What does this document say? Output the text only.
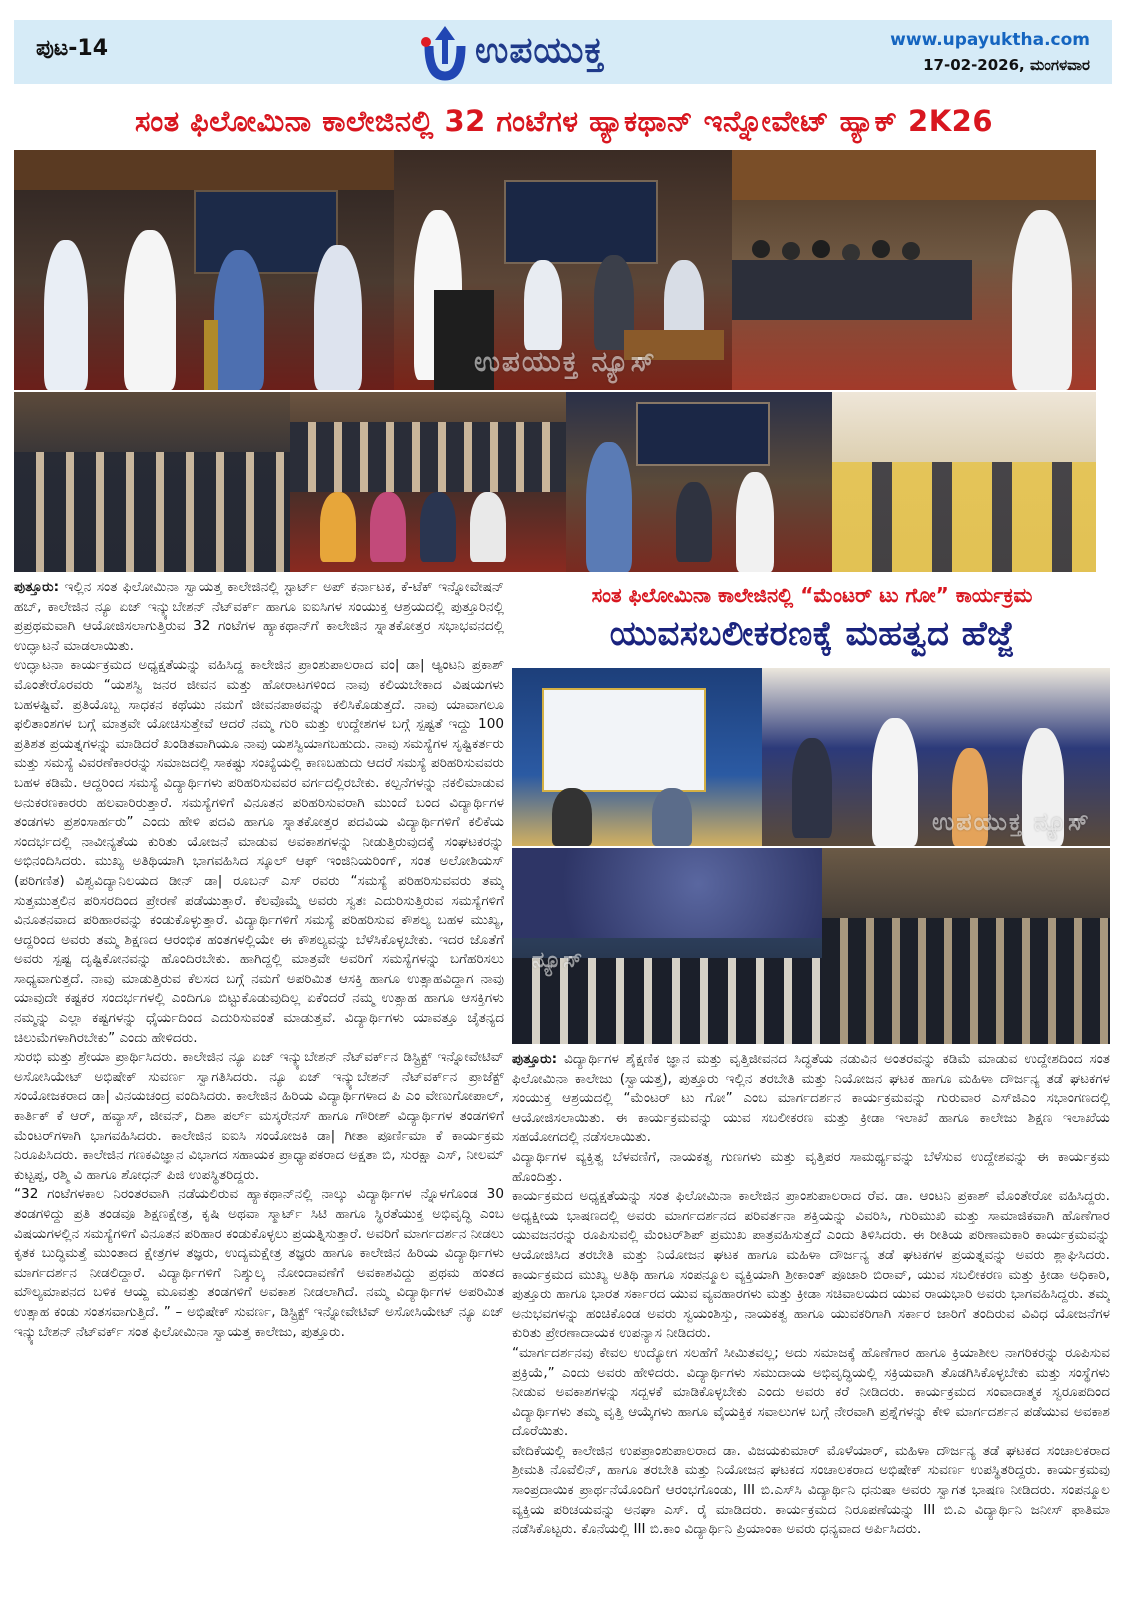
ಪುಟ-14	ಉಪಯುಕ್ತ	www.upayuktha.com
17-02-2026, ಮಂಗಳವಾರ
ಸಂತ ಫಿಲೋಮಿನಾ ಕಾಲೇಜಿನಲ್ಲಿ 32 ಗಂಟೆಗಳ ಹ್ಯಾಕಥಾನ್ ಇನ್ನೋವೇಟ್ ಹ್ಯಾಕ್ 2K26
ಉಪಯುಕ್ತ ನ್ಯೂಸ್

ಪುತ್ತೂರು: ಇಲ್ಲಿನ ಸಂತ ಫಿಲೋಮಿನಾ ಸ್ವಾಯತ್ತ ಕಾಲೇಜಿನಲ್ಲಿ ಸ್ಟಾರ್ಟ್ ಅಪ್ ಕರ್ನಾಟಕ, ಕೆ-ಟೆಕ್ ಇನ್ನೋವೇಷನ್ ಹಬ್, ಕಾಲೇಜಿನ ನ್ಯೂ ಏಜ್ ಇನ್ಕ್ಯುಬೇಶನ್ ನೆಟ್‌ವರ್ಕ್ ಹಾಗೂ ಐಐಸಿಗಳ ಸಂಯುಕ್ತ ಆಶ್ರಯದಲ್ಲಿ ಪುತ್ತೂರಿನಲ್ಲಿ ಪ್ರಪ್ರಥಮವಾಗಿ ಆಯೋಜಿಸಲಾಗುತ್ತಿರುವ 32 ಗಂಟೆಗಳ ಹ್ಯಾಕಥಾನ್‌ಗೆ ಕಾಲೇಜಿನ ಸ್ನಾತಕೋತ್ತರ ಸಭಾಭವನದಲ್ಲಿ ಉದ್ಘಾಟನೆ ಮಾಡಲಾಯಿತು.

ಉದ್ಘಾಟನಾ ಕಾರ್ಯಕ್ರಮದ ಅಧ್ಯಕ್ಷತೆಯನ್ನು ವಹಿಸಿದ್ದ ಕಾಲೇಜಿನ ಪ್ರಾಂಶುಪಾಲರಾದ ವಂ| ಡಾ| ಆ್ಯಂಟನಿ ಪ್ರಕಾಶ್ ಮೊಂತೇರೊರವರು “ಯಶಸ್ವಿ ಜನರ ಜೀವನ ಮತ್ತು ಹೋರಾಟಗಳಿಂದ ನಾವು ಕಲಿಯಬೇಕಾದ ವಿಷಯಗಳು ಬಹಳಷ್ಟಿವೆ. ಪ್ರತಿಯೊಬ್ಬ ಸಾಧಕನ ಕಥೆಯು ನಮಗೆ ಜೀವನಪಾಠವನ್ನು ಕಲಿಸಿಕೊಡುತ್ತದೆ. ನಾವು ಯಾವಾಗಲೂ ಫಲಿತಾಂಶಗಳ ಬಗ್ಗೆ ಮಾತ್ರವೇ ಯೋಚಿಸುತ್ತೇವೆ ಆದರೆ ನಮ್ಮ ಗುರಿ ಮತ್ತು ಉದ್ದೇಶಗಳ ಬಗ್ಗೆ ಸ್ಪಷ್ಟತೆ ಇದ್ದು 100 ಪ್ರತಿಶತ ಪ್ರಯತ್ನಗಳನ್ನು ಮಾಡಿದರೆ ಖಂಡಿತವಾಗಿಯೂ ನಾವು ಯಶಸ್ವಿಯಾಗಬಹುದು. ನಾವು ಸಮಸ್ಯೆಗಳ ಸೃಷ್ಟಿಕರ್ತರು ಮತ್ತು ಸಮಸ್ಯೆ ವಿವರಣೆಕಾರರನ್ನು ಸಮಾಜದಲ್ಲಿ ಸಾಕಷ್ಟು ಸಂಖ್ಯೆಯಲ್ಲಿ ಕಾಣಬಹುದು ಆದರೆ ಸಮಸ್ಯೆ ಪರಿಹರಿಸುವವರು ಬಹಳ ಕಡಿಮೆ. ಆದ್ದರಿಂದ ಸಮಸ್ಯೆ ವಿದ್ಯಾರ್ಥಿಗಳು ಪರಿಹರಿಸುವವರ ವರ್ಗದಲ್ಲಿರಬೇಕು. ಕಲ್ಪನೆಗಳನ್ನು ನಕಲಿಮಾಡುವ ಅನುಕರಣಕಾರರು ಹಲವಾರಿರುತ್ತಾರೆ. ಸಮಸ್ಯೆಗಳಿಗೆ ವಿನೂತನ ಪರಿಹರಿಸುವರಾಗಿ ಮುಂದೆ ಬಂದ ವಿದ್ಯಾರ್ಥಿಗಳ ತಂಡಗಳು ಪ್ರಶಂಸಾರ್ಹರು” ಎಂದು ಹೇಳಿ ಪದವಿ ಹಾಗೂ ಸ್ನಾತಕೋತ್ತರ ಪದವಿಯ ವಿದ್ಯಾರ್ಥಿಗಳಿಗೆ ಕಲಿಕೆಯ ಸಂದರ್ಭದಲ್ಲಿ ನಾವೀನ್ಯತೆಯ ಕುರಿತು ಯೋಜನೆ ಮಾಡುವ ಅವಕಾಶಗಳನ್ನು ನೀಡುತ್ತಿರುವುದಕ್ಕೆ ಸಂಘಟಕರನ್ನು ಅಭಿನಂದಿಸಿದರು. ಮುಖ್ಯ ಅತಿಥಿಯಾಗಿ ಭಾಗವಹಿಸಿದ ಸ್ಕೂಲ್ ಆಫ್ ಇಂಜಿನಿಯರಿಂಗ್, ಸಂತ ಅಲೋಶಿಯಸ್ (ಪರಿಗಣಿತ) ವಿಶ್ವವಿದ್ಯಾನಿಲಯದ ಡೀನ್ ಡಾ| ರೂಬನ್ ಎಸ್ ರವರು “ಸಮಸ್ಯೆ ಪರಿಹರಿಸುವವರು ತಮ್ಮ ಸುತ್ತಮುತ್ತಲಿನ ಪರಿಸರದಿಂದ ಪ್ರೇರಣೆ ಪಡೆಯುತ್ತಾರೆ. ಕೆಲವೊಮ್ಮೆ ಅವರು ಸ್ವತಃ ಎದುರಿಸುತ್ತಿರುವ ಸಮಸ್ಯೆಗಳಿಗೆ ವಿನೂತನವಾದ ಪರಿಹಾರವನ್ನು ಕಂಡುಕೊಳ್ಳುತ್ತಾರೆ. ವಿದ್ಯಾರ್ಥಿಗಳಿಗೆ ಸಮಸ್ಯೆ ಪರಿಹರಿಸುವ ಕೌಶಲ್ಯ ಬಹಳ ಮುಖ್ಯ, ಆದ್ದರಿಂದ ಅವರು ತಮ್ಮ ಶಿಕ್ಷಣದ ಆರಂಭಿಕ ಹಂತಗಳಲ್ಲಿಯೇ ಈ ಕೌಶಲ್ಯವನ್ನು ಬೆಳೆಸಿಕೊಳ್ಳಬೇಕು. ಇದರ ಜೊತೆಗೆ ಅವರು ಸ್ಪಷ್ಟ ದೃಷ್ಟಿಕೋನವನ್ನು ಹೊಂದಿರಬೇಕು. ಹಾಗಿದ್ದಲ್ಲಿ ಮಾತ್ರವೇ ಅವರಿಗೆ ಸಮಸ್ಯೆಗಳನ್ನು ಬಗೆಹರಿಸಲು ಸಾಧ್ಯವಾಗುತ್ತದೆ. ನಾವು ಮಾಡುತ್ತಿರುವ ಕೆಲಸದ ಬಗ್ಗೆ ನಮಗೆ ಅಪರಿಮಿತ ಆಸಕ್ತಿ ಹಾಗೂ ಉತ್ಸಾಹವಿದ್ದಾಗ ನಾವು ಯಾವುದೇ ಕಷ್ಟಕರ ಸಂದರ್ಭಗಳಲ್ಲಿ ಎಂದಿಗೂ ಬಿಟ್ಟುಕೊಡುವುದಿಲ್ಲ ಏಕೆಂದರೆ ನಮ್ಮ ಉತ್ಸಾಹ ಹಾಗೂ ಆಸಕ್ತಿಗಳು ನಮ್ಮನ್ನು ಎಲ್ಲಾ ಕಷ್ಟಗಳನ್ನು ಧೈರ್ಯದಿಂದ ಎದುರಿಸುವಂತೆ ಮಾಡುತ್ತವೆ. ವಿದ್ಯಾರ್ಥಿಗಳು ಯಾವತ್ತೂ ಚೈತನ್ಯದ ಚಿಲುಮೆಗಳಾಗಿರಬೇಕು” ಎಂದು ಹೇಳಿದರು.

ಸುರಭಿ ಮತ್ತು ಶ್ರೇಯಾ ಪ್ರಾರ್ಥಿಸಿದರು. ಕಾಲೇಜಿನ ನ್ಯೂ ಏಜ್ ಇನ್ಕ್ಯುಬೇಶನ್ ನೆಟ್‌ವರ್ಕ್‌ನ ಡಿಸ್ಟ್ರಿಕ್ಟ್ ಇನ್ನೋವೇಟಿವ್ ಅಸೋಸಿಯೇಟ್ ಅಭಿಷೇಕ್ ಸುವರ್ಣ ಸ್ವಾಗತಿಸಿದರು. ನ್ಯೂ ಏಜ್ ಇನ್ಕ್ಯುಬೇಶನ್ ನೆಟ್‌ವರ್ಕ್‌ನ ಪ್ರಾಜೆಕ್ಟ್ ಸಂಯೋಜಕರಾದ ಡಾ| ವಿನಯಚಂದ್ರ ವಂದಿಸಿದರು. ಕಾಲೇಜಿನ ಹಿರಿಯ ವಿದ್ಯಾರ್ಥಿಗಳಾದ ಪಿ ಎಂ ವೇಣುಗೋಪಾಲ್, ಕಾರ್ತಿಕ್ ಕೆ ಆರ್, ಹವ್ಯಾಸ್, ಜೀವನ್, ದಿಶಾ ಪರ್ಲ್ ಮಸ್ಕರೇನಸ್ ಹಾಗೂ ಗೌರೀಶ್ ವಿದ್ಯಾರ್ಥಿಗಳ ತಂಡಗಳಿಗೆ ಮೆಂಟರ್‌ಗಳಾಗಿ ಭಾಗವಹಿಸಿದರು. ಕಾಲೇಜಿನ ಐಐಸಿ ಸಂಯೋಜಕಿ ಡಾ| ಗೀತಾ ಪೂರ್ಣಿಮಾ ಕೆ ಕಾರ್ಯಕ್ರಮ ನಿರೂಪಿಸಿದರು. ಕಾಲೇಜಿನ ಗಣಕವಿಜ್ಞಾನ ವಿಭಾಗದ ಸಹಾಯಕ ಪ್ರಾಧ್ಯಾಪಕರಾದ ಅಕ್ಷತಾ ಬಿ, ಸುರಕ್ಷಾ ಎಸ್, ನೀಲಮ್ ಕುಟ್ಟಪ್ಪ, ರಶ್ಮಿ ವಿ ಹಾಗೂ ಶೋಧನ್ ಪಿಜಿ ಉಪಸ್ಥಿತರಿದ್ದರು.

“32 ಗಂಟೆಗಳಕಾಲ ನಿರಂತರವಾಗಿ ನಡೆಯಲಿರುವ ಹ್ಯಾಕಥಾನ್‌ನಲ್ಲಿ ನಾಲ್ಕು ವಿದ್ಯಾರ್ಥಿಗಳ ನ್ನೊಳಗೊಂಡ 30 ತಂಡಗಳಿದ್ದು ಪ್ರತಿ ತಂಡವೂ ಶಿಕ್ಷಣಕ್ಷೇತ್ರ, ಕೃಷಿ ಅಥವಾ ಸ್ಮಾರ್ಟ್ ಸಿಟಿ ಹಾಗೂ ಸ್ಥಿರತೆಯುಕ್ತ ಅಭಿವೃದ್ಧಿ ಎಂಬ ವಿಷಯಗಳಲ್ಲಿನ ಸಮಸ್ಯೆಗಳಿಗೆ ವಿನೂತನ ಪರಿಹಾರ ಕಂಡುಕೊಳ್ಳಲು ಪ್ರಯತ್ನಿಸುತ್ತಾರೆ. ಅವರಿಗೆ ಮಾರ್ಗದರ್ಶನ ನೀಡಲು ಕೃತಕ ಬುದ್ಧಿಮತ್ತೆ ಮುಂತಾದ ಕ್ಷೇತ್ರಗಳ ತಜ್ಞರು, ಉದ್ಯಮಕ್ಷೇತ್ರ ತಜ್ಞರು ಹಾಗೂ ಕಾಲೇಜಿನ ಹಿರಿಯ ವಿದ್ಯಾರ್ಥಿಗಳು ಮಾರ್ಗದರ್ಶನ ನೀಡಲಿದ್ದಾರೆ. ವಿದ್ಯಾರ್ಥಿಗಳಿಗೆ ನಿಶ್ಶುಲ್ಕ ನೋಂದಾವಣೆಗೆ ಅವಕಾಶವಿದ್ದು ಪ್ರಥಮ ಹಂತದ ಮೌಲ್ಯಮಾಪನದ ಬಳಿಕ ಆಯ್ದ ಮೂವತ್ತು ತಂಡಗಳಿಗೆ ಅವಕಾಶ ನೀಡಲಾಗಿದೆ. ನಮ್ಮ ವಿದ್ಯಾರ್ಥಿಗಳ ಅಪರಿಮಿತ ಉತ್ಸಾಹ ಕಂಡು ಸಂತಸವಾಗುತ್ತಿದೆ. ” – ಅಭಿಷೇಕ್ ಸುವರ್ಣ, ಡಿಸ್ಟ್ರಿಕ್ಟ್ ಇನ್ನೋವೇಟಿವ್ ಅಸೋಸಿಯೇಟ್ ನ್ಯೂ ಏಜ್ ಇನ್ಕ್ಯುಬೇಶನ್ ನೆಟ್‌ವರ್ಕ್ ಸಂತ ಫಿಲೋಮಿನಾ ಸ್ವಾಯತ್ತ ಕಾಲೇಜು, ಪುತ್ತೂರು.

ಸಂತ ಫಿಲೋಮಿನಾ ಕಾಲೇಜಿನಲ್ಲಿ “ಮೆಂಟರ್ ಟು ಗೋ” ಕಾರ್ಯಕ್ರಮ
ಯುವಸಬಲೀಕರಣಕ್ಕೆ ಮಹತ್ವದ ಹೆಜ್ಜೆ
ಉಪಯುಕ್ತ ನ್ಯೂಸ್
ನ್ಯೂಸ್

ಪುತ್ತೂರು: ವಿದ್ಯಾರ್ಥಿಗಳ ಶೈಕ್ಷಣಿಕ ಜ್ಞಾನ ಮತ್ತು ವೃತ್ತಿಜೀವನದ ಸಿದ್ಧತೆಯ ನಡುವಿನ ಅಂತರವನ್ನು ಕಡಿಮೆ ಮಾಡುವ ಉದ್ದೇಶದಿಂದ ಸಂತ ಫಿಲೋಮಿನಾ ಕಾಲೇಜು (ಸ್ವಾಯತ್ತ), ಪುತ್ತೂರು ಇಲ್ಲಿನ ತರಬೇತಿ ಮತ್ತು ನಿಯೋಜನ ಘಟಕ ಹಾಗೂ ಮಹಿಳಾ ದೌರ್ಜನ್ಯ ತಡೆ ಘಟಕಗಳ ಸಂಯುಕ್ತ ಆಶ್ರಯದಲ್ಲಿ “ಮೆಂಟರ್ ಟು ಗೋ” ಎಂಬ ಮಾರ್ಗದರ್ಶನ ಕಾರ್ಯಕ್ರಮವನ್ನು ಗುರುವಾರ ಎಸ್‌ಜಿಎಂ ಸಭಾಂಗಣದಲ್ಲಿ ಆಯೋಜಿಸಲಾಯಿತು. ಈ ಕಾರ್ಯಕ್ರಮವನ್ನು ಯುವ ಸಬಲೀಕರಣ ಮತ್ತು ಕ್ರೀಡಾ ಇಲಾಖೆ ಹಾಗೂ ಕಾಲೇಜು ಶಿಕ್ಷಣ ಇಲಾಖೆಯ ಸಹಯೋಗದಲ್ಲಿ ನಡೆಸಲಾಯಿತು.

ವಿದ್ಯಾರ್ಥಿಗಳ ವ್ಯಕ್ತಿತ್ವ ಬೆಳವಣಿಗೆ, ನಾಯಕತ್ವ ಗುಣಗಳು ಮತ್ತು ವೃತ್ತಿಪರ ಸಾಮರ್ಥ್ಯವನ್ನು ಬೆಳೆಸುವ ಉದ್ದೇಶವನ್ನು ಈ ಕಾರ್ಯಕ್ರಮ ಹೊಂದಿತ್ತು.

ಕಾರ್ಯಕ್ರಮದ ಅಧ್ಯಕ್ಷತೆಯನ್ನು ಸಂತ ಫಿಲೋಮಿನಾ ಕಾಲೇಜಿನ ಪ್ರಾಂಶುಪಾಲರಾದ ರೆವ. ಡಾ. ಆಂಟನಿ ಪ್ರಕಾಶ್ ಮೊಂತೇರೋ ವಹಿಸಿದ್ದರು. ಅಧ್ಯಕ್ಷೀಯ ಭಾಷಣದಲ್ಲಿ ಅವರು ಮಾರ್ಗದರ್ಶನದ ಪರಿವರ್ತನಾ ಶಕ್ತಿಯನ್ನು ವಿವರಿಸಿ, ಗುರಿಮುಖಿ ಮತ್ತು ಸಾಮಾಜಿಕವಾಗಿ ಹೊಣೆಗಾರ ಯುವಜನರನ್ನು ರೂಪಿಸುವಲ್ಲಿ ಮೆಂಟರ್‌ಶಿಪ್ ಪ್ರಮುಖ ಪಾತ್ರವಹಿಸುತ್ತದೆ ಎಂದು ತಿಳಿಸಿದರು. ಈ ರೀತಿಯ ಪರಿಣಾಮಕಾರಿ ಕಾರ್ಯಕ್ರಮವನ್ನು ಆಯೋಜಿಸಿದ ತರಬೇತಿ ಮತ್ತು ನಿಯೋಜನ ಘಟಕ ಹಾಗೂ ಮಹಿಳಾ ದೌರ್ಜನ್ಯ ತಡೆ ಘಟಕಗಳ ಪ್ರಯತ್ನವನ್ನು ಅವರು ಶ್ಲಾಘಿಸಿದರು. ಕಾರ್ಯಕ್ರಮದ ಮುಖ್ಯ ಅತಿಥಿ ಹಾಗೂ ಸಂಪನ್ಮೂಲ ವ್ಯಕ್ತಿಯಾಗಿ ಶ್ರೀಕಾಂತ್ ಪೂಜಾರಿ ಬಿರಾವ್, ಯುವ ಸಬಲೀಕರಣ ಮತ್ತು ಕ್ರೀಡಾ ಅಧಿಕಾರಿ, ಪುತ್ತೂರು ಹಾಗೂ ಭಾರತ ಸರ್ಕಾರದ ಯುವ ವ್ಯವಹಾರಗಳು ಮತ್ತು ಕ್ರೀಡಾ ಸಚಿವಾಲಯದ ಯುವ ರಾಯಭಾರಿ ಅವರು ಭಾಗವಹಿಸಿದ್ದರು. ತಮ್ಮ ಅನುಭವಗಳನ್ನು ಹಂಚಿಕೊಂಡ ಅವರು ಸ್ವಯಂಶಿಸ್ತು, ನಾಯಕತ್ವ ಹಾಗೂ ಯುವಕರಿಗಾಗಿ ಸರ್ಕಾರ ಜಾರಿಗೆ ತಂದಿರುವ ವಿವಿಧ ಯೋಜನೆಗಳ ಕುರಿತು ಪ್ರೇರಣಾದಾಯಕ ಉಪನ್ಯಾಸ ನೀಡಿದರು.

“ಮಾರ್ಗದರ್ಶನವು ಕೇವಲ ಉದ್ಯೋಗ ಸಲಹೆಗೆ ಸೀಮಿತವಲ್ಲ; ಅದು ಸಮಾಜಕ್ಕೆ ಹೊಣೆಗಾರ ಹಾಗೂ ಕ್ರಿಯಾಶೀಲ ನಾಗರಿಕರನ್ನು ರೂಪಿಸುವ ಪ್ರಕ್ರಿಯೆ,” ಎಂದು ಅವರು ಹೇಳಿದರು. ವಿದ್ಯಾರ್ಥಿಗಳು ಸಮುದಾಯ ಅಭಿವೃದ್ಧಿಯಲ್ಲಿ ಸಕ್ರಿಯವಾಗಿ ತೊಡಗಿಸಿಕೊಳ್ಳಬೇಕು ಮತ್ತು ಸಂಸ್ಥೆಗಳು ನೀಡುವ ಅವಕಾಶಗಳನ್ನು ಸದ್ಬಳಕೆ ಮಾಡಿಕೊಳ್ಳಬೇಕು ಎಂದು ಅವರು ಕರೆ ನೀಡಿದರು. ಕಾರ್ಯಕ್ರಮದ ಸಂವಾದಾತ್ಮಕ ಸ್ವರೂಪದಿಂದ ವಿದ್ಯಾರ್ಥಿಗಳು ತಮ್ಮ ವೃತ್ತಿ ಆಯ್ಕೆಗಳು ಹಾಗೂ ವೈಯಕ್ತಿಕ ಸವಾಲುಗಳ ಬಗ್ಗೆ ನೇರವಾಗಿ ಪ್ರಶ್ನೆಗಳನ್ನು ಕೇಳಿ ಮಾರ್ಗದರ್ಶನ ಪಡೆಯುವ ಅವಕಾಶ ದೊರೆಯಿತು.

ವೇದಿಕೆಯಲ್ಲಿ ಕಾಲೇಜಿನ ಉಪಪ್ರಾಂಶುಪಾಲರಾದ ಡಾ. ವಿಜಯಕುಮಾರ್ ಮೊಳೆಯಾರ್, ಮಹಿಳಾ ದೌರ್ಜನ್ಯ ತಡೆ ಘಟಕದ ಸಂಚಾಲಕರಾದ ಶ್ರೀಮತಿ ನೊವೆಲಿನ್, ಹಾಗೂ ತರಬೇತಿ ಮತ್ತು ನಿಯೋಜನ ಘಟಕದ ಸಂಚಾಲಕರಾದ ಅಭಿಷೇಕ್ ಸುವರ್ಣ ಉಪಸ್ಥಿತರಿದ್ದರು. ಕಾರ್ಯಕ್ರಮವು ಸಾಂಪ್ರದಾಯಿಕ ಪ್ರಾರ್ಥನೆಯೊಂದಿಗೆ ಆರಂಭಗೊಂಡು, III ಬಿ.ಎಸ್‌ಸಿ ವಿದ್ಯಾರ್ಥಿನಿ ಧನುಷಾ ಅವರು ಸ್ವಾಗತ ಭಾಷಣ ನೀಡಿದರು. ಸಂಪನ್ಮೂಲ ವ್ಯಕ್ತಿಯ ಪರಿಚಯವನ್ನು ಅನಘಾ ಎಸ್. ರೈ ಮಾಡಿದರು. ಕಾರ್ಯಕ್ರಮದ ನಿರೂಪಣೆಯನ್ನು III ಬಿ.ಎ ವಿದ್ಯಾರ್ಥಿನಿ ಜನೀಸ್ ಫಾತಿಮಾ ನಡೆಸಿಕೊಟ್ಟರು. ಕೊನೆಯಲ್ಲಿ III ಬಿ.ಕಾಂ ವಿದ್ಯಾರ್ಥಿನಿ ಪ್ರಿಯಾಂಕಾ ಅವರು ಧನ್ಯವಾದ ಅರ್ಪಿಸಿದರು.
